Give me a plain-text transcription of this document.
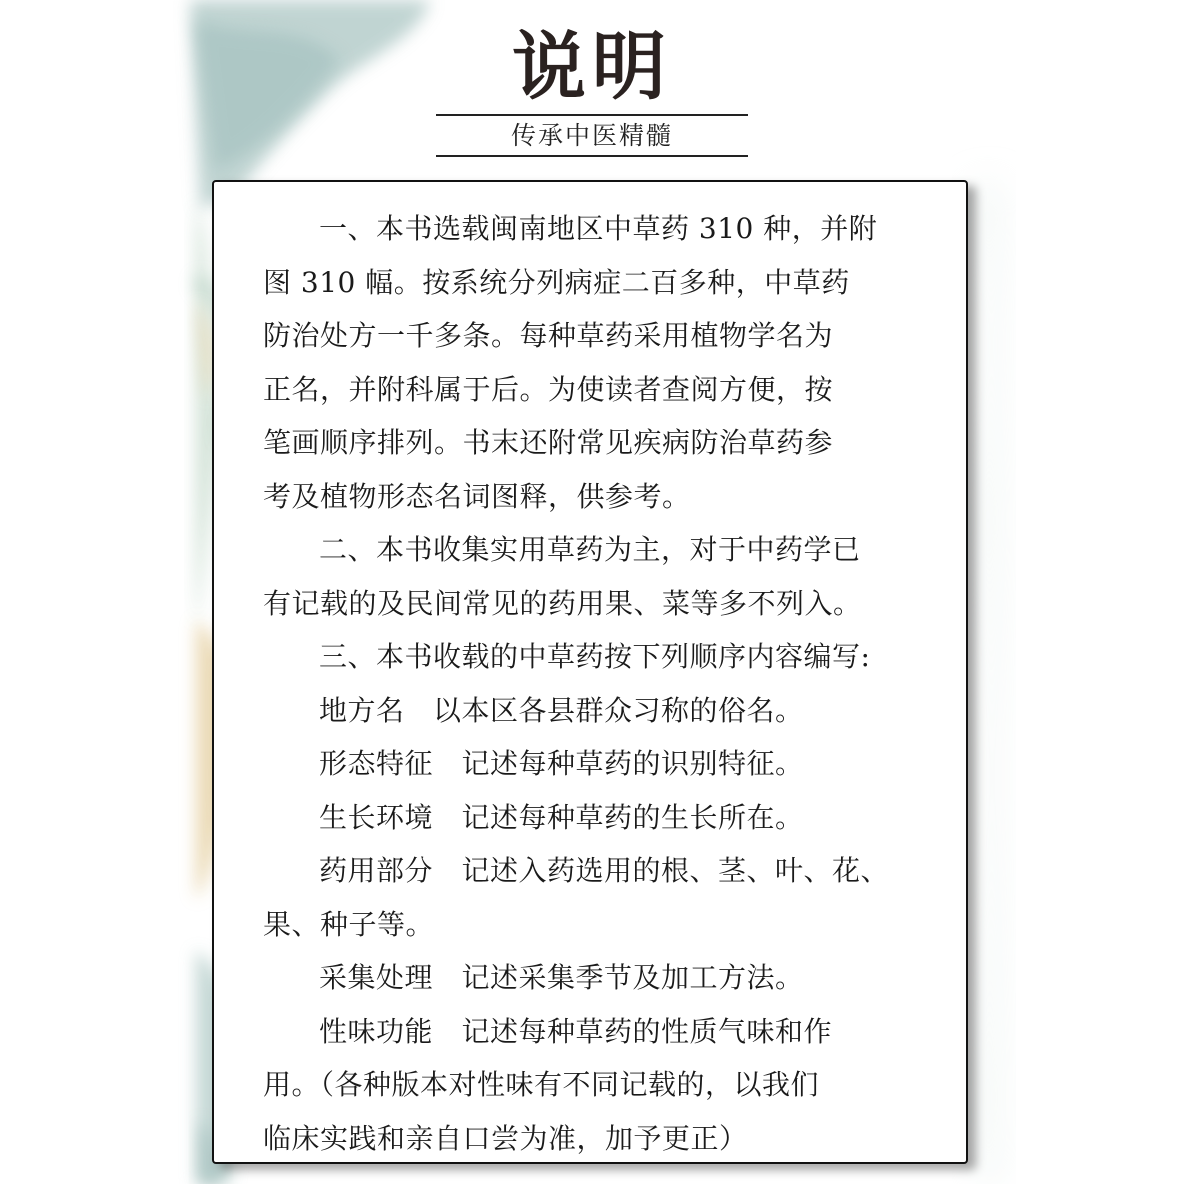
说明
传承中医精髓
一、本书选载闽南地区中草药 310 种，并附
图 310 幅。按系统分列病症二百多种，中草药
防治处方一千多条。每种草药采用植物学名为
正名，并附科属于后。为使读者查阅方便，按
笔画顺序排列。书末还附常见疾病防治草药参
考及植物形态名词图释，供参考。
二、本书收集实用草药为主，对于中药学已
有记载的及民间常见的药用果、菜等多不列入。
三、本书收载的中草药按下列顺序内容编写:
地方名　以本区各县群众习称的俗名。
形态特征　记述每种草药的识别特征。
生长环境　记述每种草药的生长所在。
药用部分　记述入药选用的根、茎、叶、花、
果、种子等。
采集处理　记述采集季节及加工方法。
性味功能　记述每种草药的性质气味和作
用。（各种版本对性味有不同记载的，以我们
临床实践和亲自口尝为准，加予更正）
